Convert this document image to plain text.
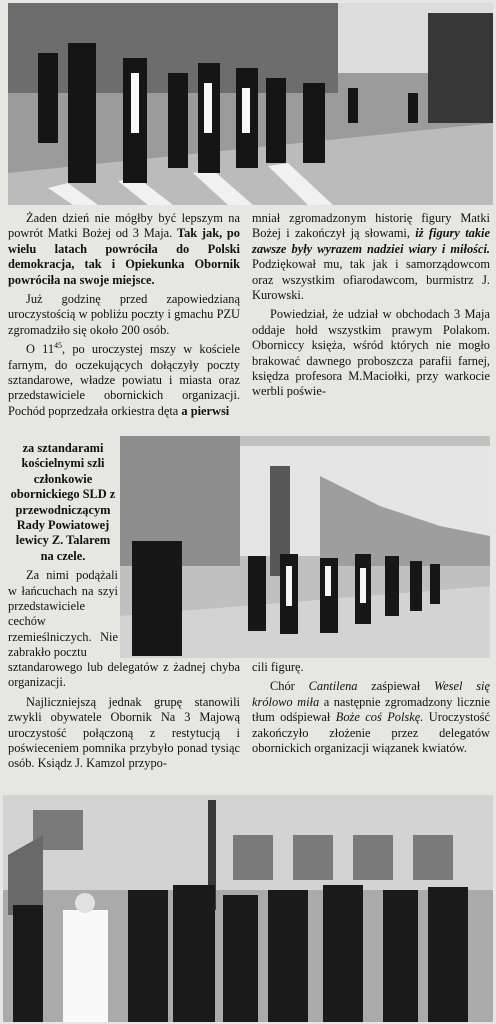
Żaden dzień nie mógłby być lepszym na powrót Matki Bożej od 3 Maja. Tak jak, po wielu latach powróciła do Polski demokracja, tak i Opiekunka Obornik powróciła na swoje miejsce.

Już godzinę przed zapowiedzianą uroczystością w pobliżu poczty i gmachu PZU zgromadziło się około 200 osób.

O $11^{45}$, po uroczystej mszy w kościele farnym, do oczekujących dołączyły poczty sztandarowe, władze powiatu i miasta oraz przedstawiciele obornickich organizacji. Pochód poprzedzała orkiestra dęta a pierwsi

za sztandarami kościelnymi szli członkowie obornickiego SLD z przewodniczącym Rady Powiatowej lewicy Z. Talarem na czele.

Za nimi podążali w łańcuchach na szyi przedstawiciele cechów rzemieślniczych. Nie zabrakło pocztu

sztandarowego lub delegatów z żadnej chyba organizacji.

Najliczniejszą jednak grupę stanowili zwykli obywatele Obornik Na 3 Majową uroczystość połączoną z restytucją i poświeceniem pomnika przybyło ponad tysiąc osób. Ksiądz J. Kamzol przypo-

mniał zgromadzonym historię figury Matki Bożej i zakończył ją słowami, iż figury takie zawsze były wyrazem nadziei wiary i miłości. Podziękował mu, tak jak i samorządowcom oraz wszystkim ofiarodawcom, burmistrz J. Kurowski.

Powiedział, że udział w obchodach 3 Maja oddaje hołd wszystkim prawym Polakom. Oborniccy księża, wśród których nie mogło brakować dawnego proboszcza parafii farnej, księdza profesora M.Maciołki, przy warkocie werbli poświe-

cili figurę.

Chór Cantilena zaśpiewał Wesel się królowo miła a następnie zgromadzony licznie tłum odśpiewał Boże coś Polskę. Uroczystość zakończyło złożenie przez delegatów obornickich organizacji wiązanek kwiatów.
